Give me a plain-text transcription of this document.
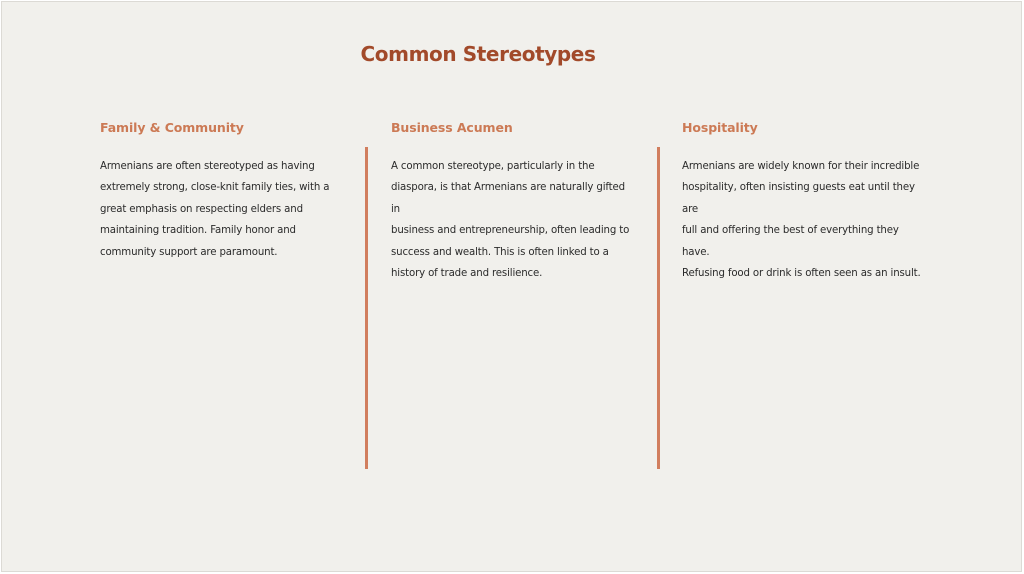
Common Stereotypes
Family & Community
Armenians are often stereotyped as having
extremely strong, close-knit family ties, with a
great emphasis on respecting elders and
maintaining tradition. Family honor and
community support are paramount.
Business Acumen
A common stereotype, particularly in the
diaspora, is that Armenians are naturally gifted in
business and entrepreneurship, often leading to
success and wealth. This is often linked to a
history of trade and resilience.
Hospitality
Armenians are widely known for their incredible
hospitality, often insisting guests eat until they are
full and offering the best of everything they have.
Refusing food or drink is often seen as an insult.
